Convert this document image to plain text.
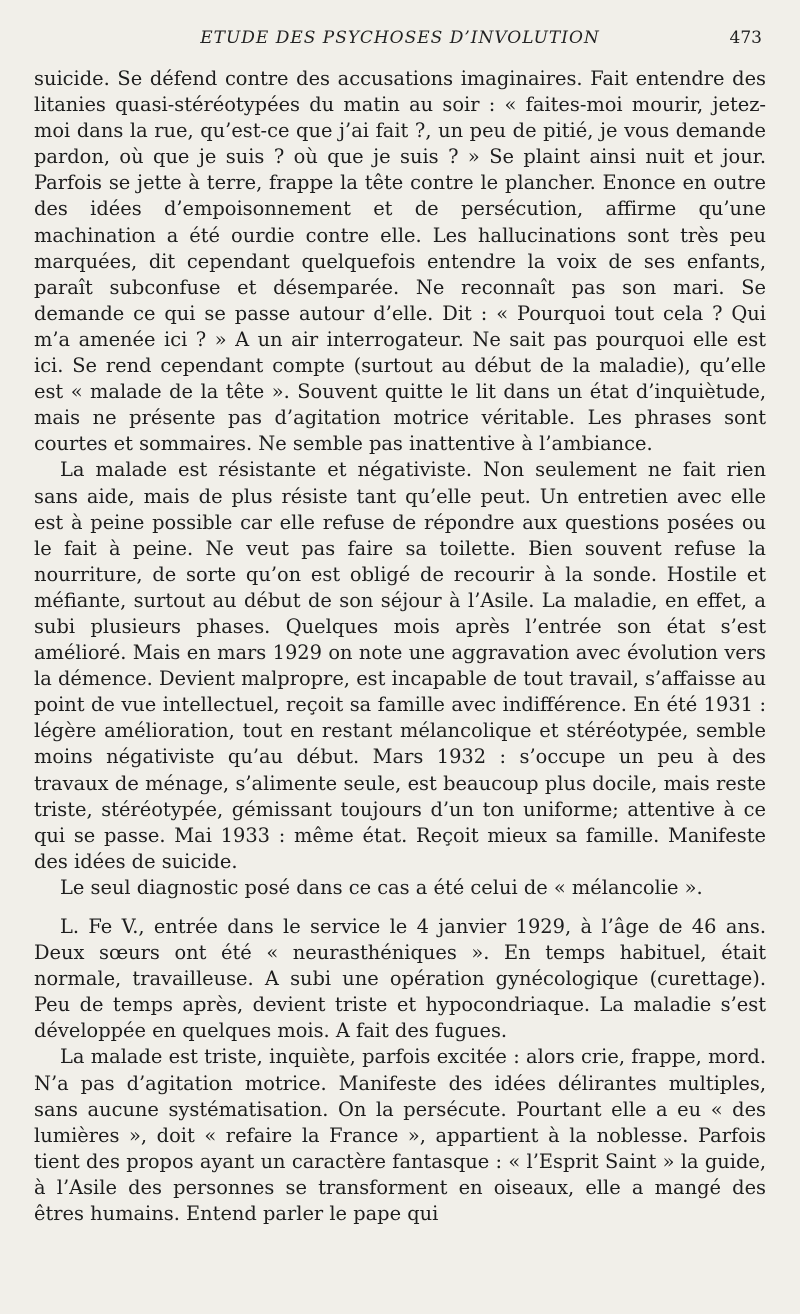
ETUDE DES PSYCHOSES D’INVOLUTION	473

suicide. Se défend contre des accusations imaginaires. Fait entendre des litanies quasi-stéréotypées du matin au soir : « faites-moi mourir, jetez-moi dans la rue, qu’est-ce que j’ai fait ?, un peu de pitié, je vous demande pardon, où que je suis ? où que je suis ? » Se plaint ainsi nuit et jour. Parfois se jette à terre, frappe la tête contre le plancher. Enonce en outre des idées d’empoisonnement et de persécution, affirme qu’une machination a été ourdie contre elle. Les hallucinations sont très peu marquées, dit cependant quelquefois entendre la voix de ses enfants, paraît subconfuse et désemparée. Ne reconnaît pas son mari. Se demande ce qui se passe autour d’elle. Dit : « Pourquoi tout cela ? Qui m’a amenée ici ? » A un air interrogateur. Ne sait pas pourquoi elle est ici. Se rend cependant compte (surtout au début de la maladie), qu’elle est « malade de la tête ». Souvent quitte le lit dans un état d’inquiètude, mais ne présente pas d’agitation motrice véritable. Les phrases sont courtes et sommaires. Ne semble pas inattentive à l’ambiance.

La malade est résistante et négativiste. Non seulement ne fait rien sans aide, mais de plus résiste tant qu’elle peut. Un entretien avec elle est à peine possible car elle refuse de répondre aux questions posées ou le fait à peine. Ne veut pas faire sa toilette. Bien souvent refuse la nourriture, de sorte qu’on est obligé de recourir à la sonde. Hostile et méfiante, surtout au début de son séjour à l’Asile. La maladie, en effet, a subi plusieurs phases. Quelques mois après l’entrée son état s’est amélioré. Mais en mars 1929 on note une aggravation avec évolution vers la démence. Devient malpropre, est incapable de tout travail, s’affaisse au point de vue intellectuel, reçoit sa famille avec indifférence. En été 1931 : légère amélioration, tout en restant mélancolique et stéréotypée, semble moins négativiste qu’au début. Mars 1932 : s’occupe un peu à des travaux de ménage, s’alimente seule, est beaucoup plus docile, mais reste triste, stéréotypée, gémissant toujours d’un ton uniforme; attentive à ce qui se passe. Mai 1933 : même état. Reçoit mieux sa famille. Manifeste des idées de suicide.

Le seul diagnostic posé dans ce cas a été celui de « mélancolie ».

L. Fe V., entrée dans le service le 4 janvier 1929, à l’âge de 46 ans. Deux sœurs ont été « neurasthéniques ». En temps habituel, était normale, travailleuse. A subi une opération gynécologique (curettage). Peu de temps après, devient triste et hypocondriaque. La maladie s’est développée en quelques mois. A fait des fugues.

La malade est triste, inquiète, parfois excitée : alors crie, frappe, mord. N’a pas d’agitation motrice. Manifeste des idées délirantes multiples, sans aucune systématisation. On la persécute. Pourtant elle a eu « des lumières », doit « refaire la France », appartient à la noblesse. Parfois tient des propos ayant un caractère fantasque : « l’Esprit Saint » la guide, à l’Asile des personnes se transforment en oiseaux, elle a mangé des êtres humains. Entend parler le pape qui
